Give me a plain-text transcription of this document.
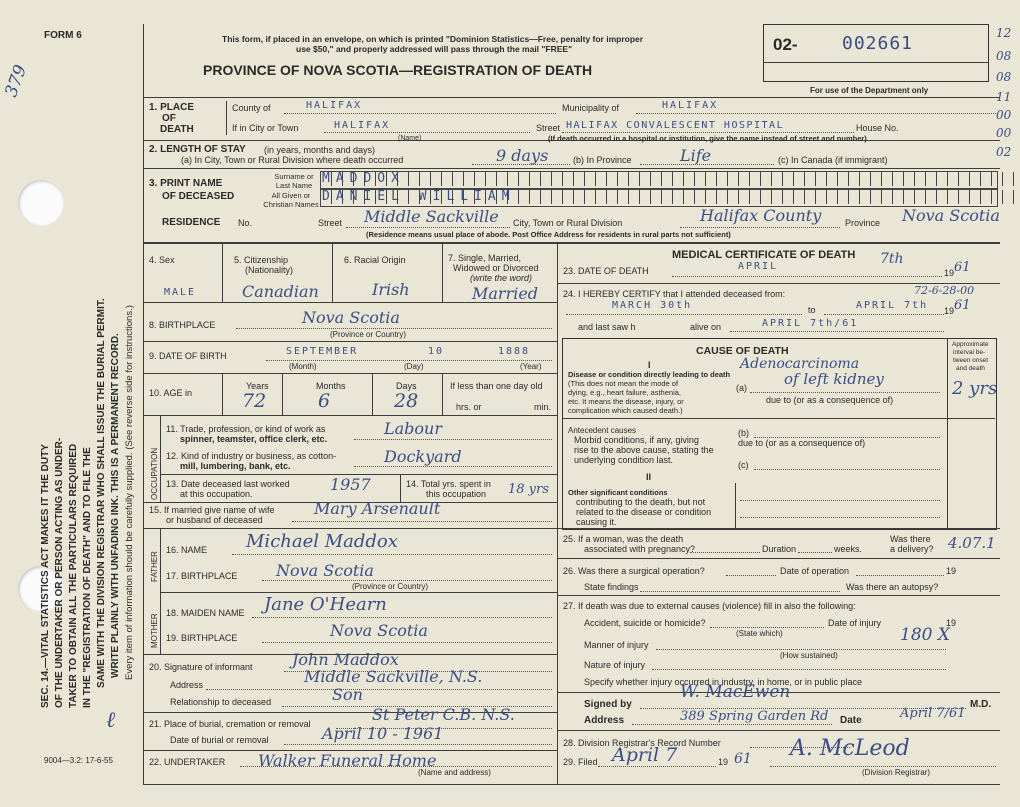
FORM 6
379
SEC. 14.—VITAL STATISTICS ACT MAKES IT THE DUTY OF THE UNDERTAKER OR PERSON ACTING AS UNDER- TAKER TO OBTAIN ALL THE PARTICULARS REQUIRED IN THE "REGISTRATION OF DEATH" AND TO FILE THE SAME WITH THE DIVISION REGISTRAR WHO SHALL ISSUE THE BURIAL PERMIT. WRITE PLAINLY WITH UNFADING INK. THIS IS A PERMANENT RECORD. Every item of information should be carefully supplied. (See reverse side for instructions.)
9004—3.2: 17-6-55
ℓ
This form, if placed in an envelope, on which is printed "Dominion Statistics—Free, penalty for improper
use $50," and properly addressed will pass through the mail "FREE"
PROVINCE OF NOVA SCOTIA—REGISTRATION OF DEATH
02- 002661
For use of the Department only
12
08
08
11
00
00
02
1. PLACE
OF
DEATH
County of	HALIFAX	Municipality of	HALIFAX
If in City or Town	HALIFAX
(Name)
Street HALIFAX CONVALESCENT HOSPITAL	House No.
(If death occurred in a hospital or institution, give the name instead of street and number)
2. LENGTH OF STAY (in years, months and days)
(a) In City, Town or Rural Division where death occurred	9 days	(b) In Province	Life	(c) In Canada (if immigrant)
3. PRINT NAME
OF DECEASED
Surname or Last Name
All Given or Christian Names
MADDOX
DANIEL WILLIAM
RESIDENCE No.	Street Middle Sackville City, Town or Rural Division	Halifax County	Province Nova Scotia
(Residence means usual place of abode. Post Office Address for residents in rural parts not sufficient)
4. Sex
MALE
5. Citizenship
(Nationality)
Canadian
6. Racial Origin
Irish
7. Single, Married,
Widowed or Divorced
(write the word)
Married
8. BIRTHPLACE	Nova Scotia
(Province or Country)
9. DATE OF BIRTH	SEPTEMBER	10	1888
(Month)	(Day)	(Year)
10. AGE in
Years	Months	Days
72	6	28
If less than one day old
hrs. or	min.
OCCUPATION
11. Trade, profession, or kind of work as
spinner, teamster, office clerk, etc.
Labour
12. Kind of industry or business, as cotton-
mill, lumbering, bank, etc.	Dockyard
13. Date deceased last worked
at this occupation.	1957	14. Total yrs. spent in
this occupation 18 yrs
15. If married give name of wife
or husband of deceased
Mary Arsenault
FATHER
MOTHER
16. NAME Michael Maddox
17. BIRTHPLACE Nova Scotia
(Province or Country)
18. MAIDEN NAME Jane O'Hearn
19. BIRTHPLACE	Nova Scotia
20. Signature of informant John Maddox
Address	Middle Sackville, N.S.
Relationship to deceased	Son
21. Place of burial, cremation or removal	St Peter C.B. N.S.
Date of burial or removal	April 10 - 1961
22. UNDERTAKER Walker Funeral Home
(Name and address)
MEDICAL CERTIFICATE OF DEATH
23. DATE OF DEATH	APRIL	7th
19 61
24. I HEREBY CERTIFY that I attended deceased from:	72-6-28-00
MARCH 30th	to	APRIL 7th 19 61
and last saw h	alive on	APRIL 7th/61
CAUSE OF DEATH
Approximate
interval be-
tween onset
and death
I
Disease or condition directly leading to death
(This does not mean the mode of
dying, e.g., heart failure, asthenia,
etc. It means the disease, injury, or
complication which caused death.)
Adenocarcinoma
(a) of left kidney
due to (or as a consequence of)
2 yrs
Antecedent causes
Morbid conditions, if any, giving
rise to the above cause, stating the
underlying condition last.
(b)
due to (or as a consequence of)
(c)
II
Other significant conditions
contributing to the death, but not
related to the disease or condition
causing it.
25. If a woman, was the death
associated with pregnancy?	Duration	weeks.
Was there
a delivery? 4.07.1
26. Was there a surgical operation?	Date of operation	19
State findings	Was there an autopsy?
27. If death was due to external causes (violence) fill in also the following:
Accident, suicide or homicide?	Date of injury	19
(State which)
Manner of injury	180 X
(How sustained)
Nature of injury
Specify whether injury occurred in industry, in home, or in public place
Signed by
W. MacEwen
M.D.
Address	389 Spring Garden Rd Date	April 7/61
28. Division Registrar's Record Number
29. Filed April 7	19 61 A. McLeod
(Division Registrar)
